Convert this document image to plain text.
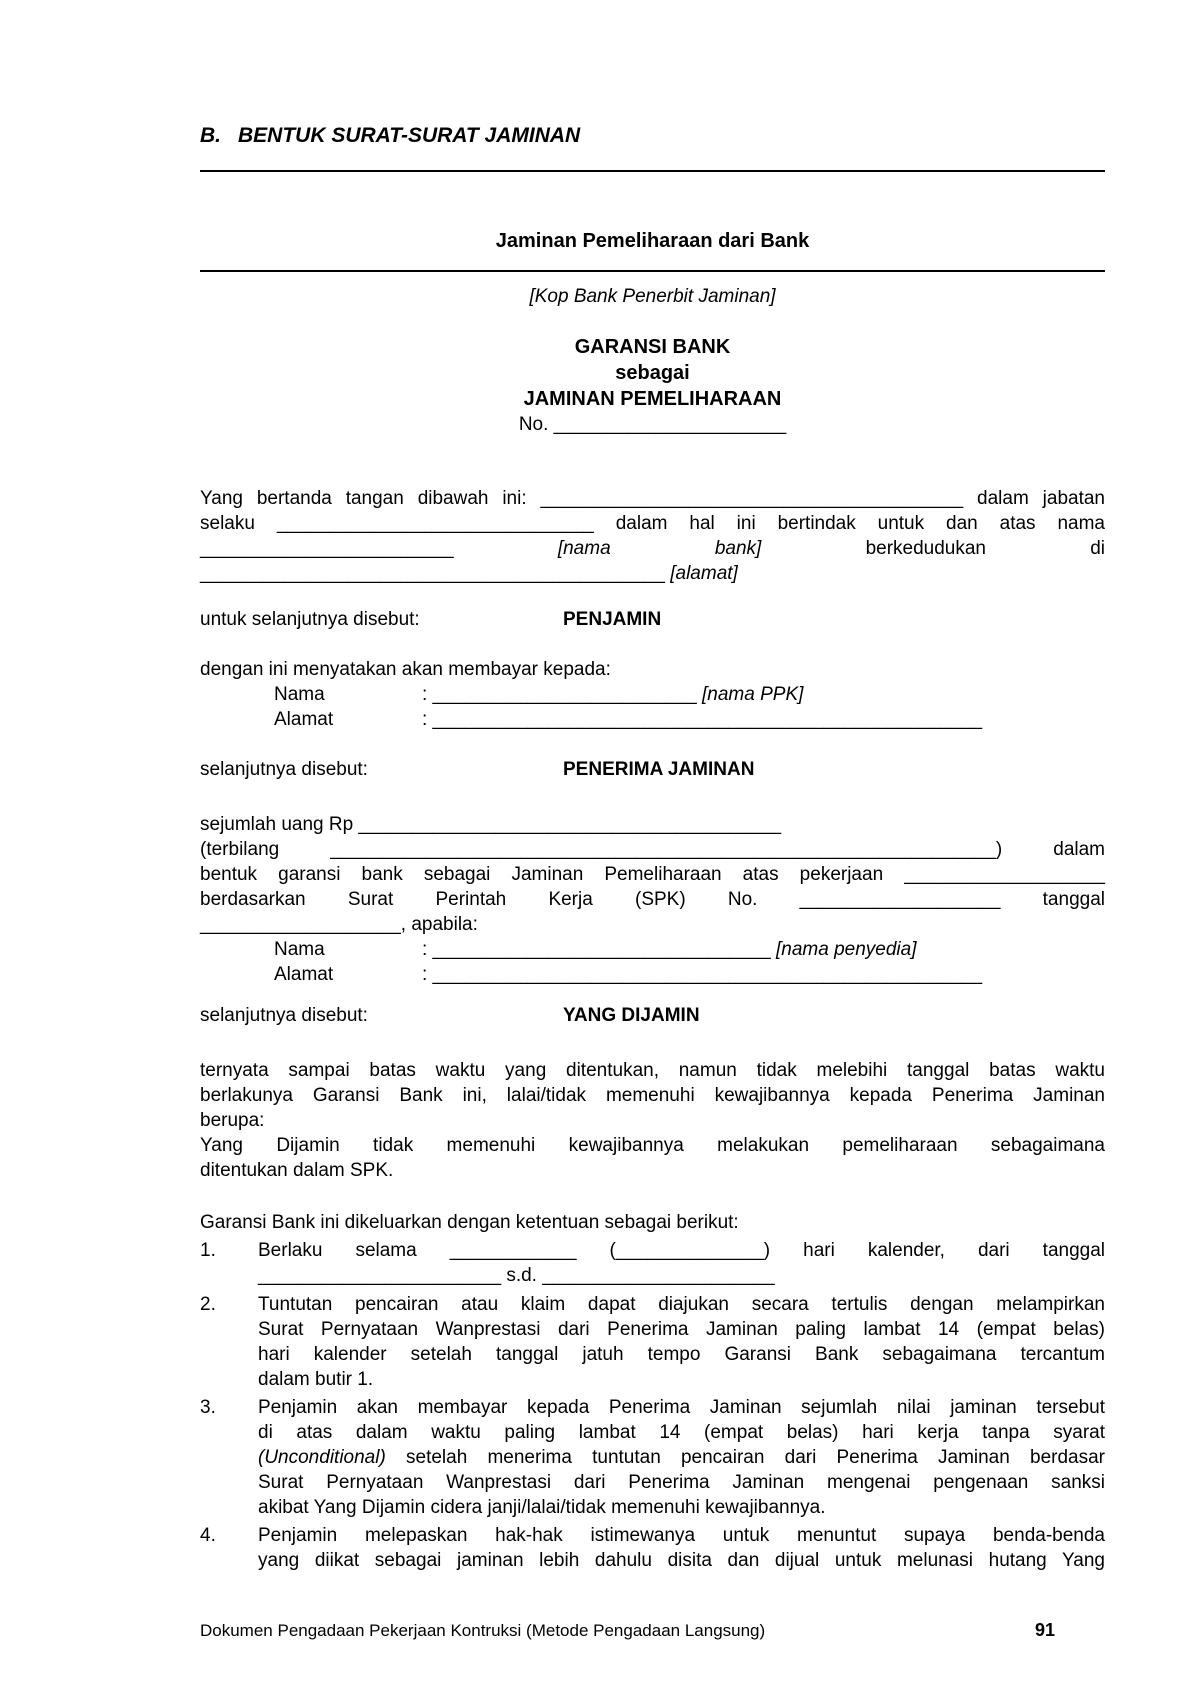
B. BENTUK SURAT-SURAT JAMINAN
Jaminan Pemeliharaan dari Bank
[Kop Bank Penerbit Jaminan]
GARANSI BANK
sebagai
JAMINAN PEMELIHARAAN
No. ______________________
Yang bertanda tangan dibawah ini: ________________________________________ dalam jabatan
selaku ______________________________ dalam hal ini bertindak untuk dan atas nama
________________________	[nama bank]	berkedudukan di
____________________________________________ [alamat]
untuk selanjutnya disebut:	PENJAMIN
dengan ini menyatakan akan membayar kepada:
Nama	: _________________________ [nama PPK]
Alamat	: ____________________________________________________
selanjutnya disebut:	PENERIMA JAMINAN
sejumlah uang Rp ________________________________________
(terbilang _______________________________________________________________) dalam
bentuk garansi bank sebagai Jaminan Pemeliharaan atas pekerjaan ___________________
berdasarkan Surat Perintah Kerja (SPK) No. ___________________ tanggal
___________________, apabila:
Nama	: ________________________________ [nama penyedia]
Alamat	: ____________________________________________________
selanjutnya disebut:	YANG DIJAMIN
ternyata sampai batas waktu yang ditentukan, namun tidak melebihi tanggal batas waktu
berlakunya Garansi Bank ini, lalai/tidak memenuhi kewajibannya kepada Penerima Jaminan
berupa:
Yang Dijamin tidak memenuhi kewajibannya melakukan pemeliharaan sebagaimana
ditentukan dalam SPK.
Garansi Bank ini dikeluarkan dengan ketentuan sebagai berikut:
1.	Berlaku selama ____________ (______________) hari kalender, dari tanggal
_______________________ s.d. ______________________
2.	Tuntutan pencairan atau klaim dapat diajukan secara tertulis dengan melampirkan
Surat Pernyataan Wanprestasi dari Penerima Jaminan paling lambat 14 (empat belas)
hari kalender setelah tanggal jatuh tempo Garansi Bank sebagaimana tercantum
dalam butir 1.
3.	Penjamin akan membayar kepada Penerima Jaminan sejumlah nilai jaminan tersebut
di atas dalam waktu paling lambat 14 (empat belas) hari kerja tanpa syarat
(Unconditional) setelah menerima tuntutan pencairan dari Penerima Jaminan berdasar
Surat Pernyataan Wanprestasi dari Penerima Jaminan mengenai pengenaan sanksi
akibat Yang Dijamin cidera janji/lalai/tidak memenuhi kewajibannya.
4.	Penjamin melepaskan hak-hak istimewanya untuk menuntut supaya benda-benda
yang diikat sebagai jaminan lebih dahulu disita dan dijual untuk melunasi hutang Yang
Dokumen Pengadaan Pekerjaan Kontruksi (Metode Pengadaan Langsung)	91
